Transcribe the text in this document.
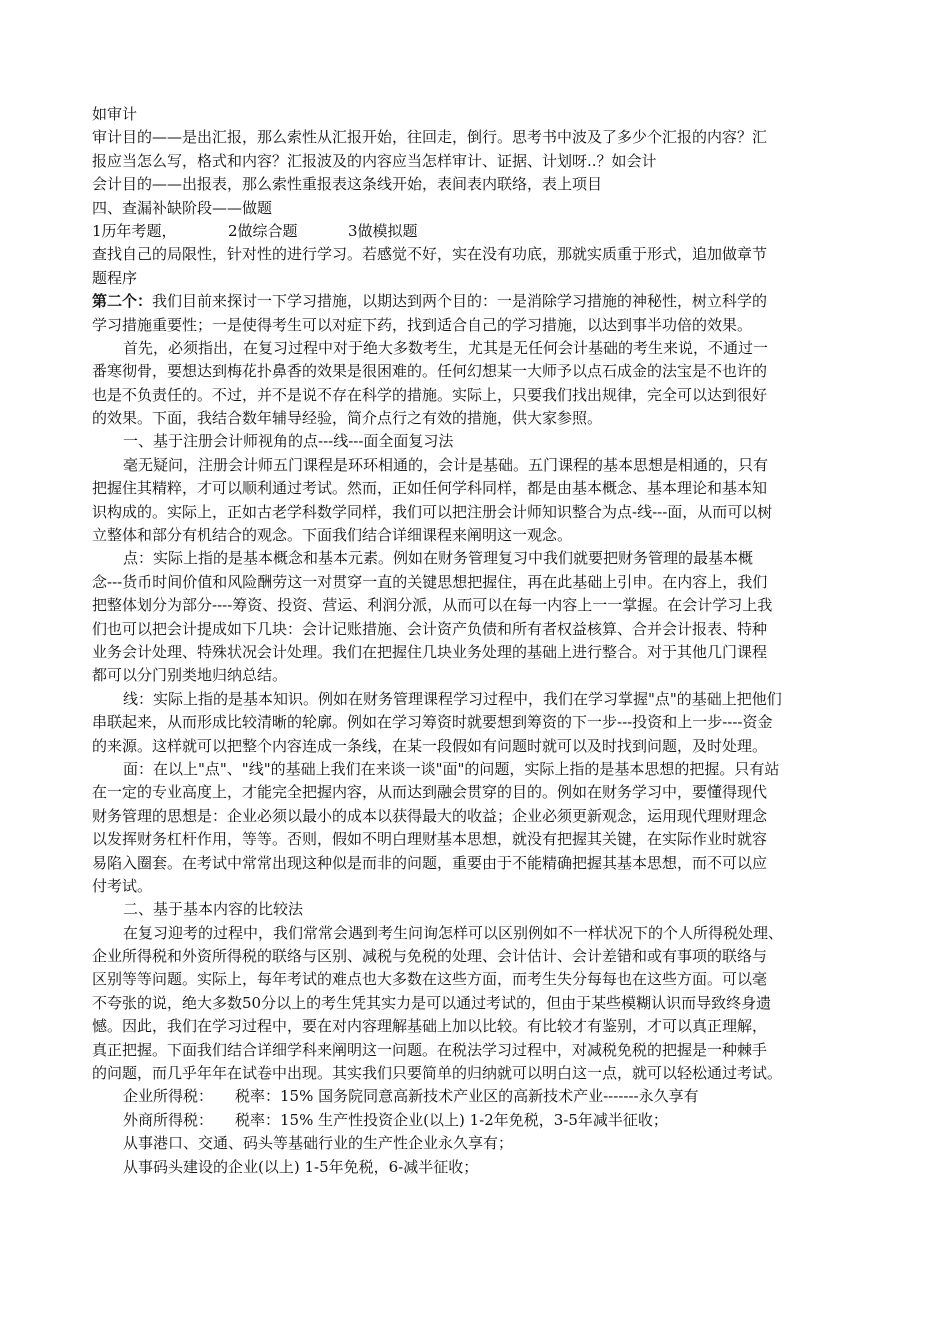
如审计
审计目的——是出汇报，那么索性从汇报开始，往回走，倒行。思考书中波及了多少个汇报的内容？汇
报应当怎么写，格式和内容？汇报波及的内容应当怎样审计、证据、计划呀..？如会计
会计目的——出报表，那么索性重报表这条线开始，表间表内联络，表上项目
四、查漏补缺阶段——做题
1历年考题，	2做综合题	3做模拟题
查找自己的局限性，针对性的进行学习。若感觉不好，实在没有功底，那就实质重于形式，追加做章节
题程序
第二个：我们目前来探讨一下学习措施，以期达到两个目的：一是消除学习措施的神秘性，树立科学的
学习措施重要性；一是使得考生可以对症下药，找到适合自己的学习措施，以达到事半功倍的效果。
首先，必须指出，在复习过程中对于绝大多数考生，尤其是无任何会计基础的考生来说，不通过一
番寒彻骨，要想达到梅花扑鼻香的效果是很困难的。任何幻想某一大师予以点石成金的法宝是不也许的
也是不负责任的。不过，并不是说不存在科学的措施。实际上，只要我们找出规律，完全可以达到很好
的效果。下面，我结合数年辅导经验，简介点行之有效的措施，供大家参照。
一、基于注册会计师视角的点---线---面全面复习法
毫无疑问，注册会计师五门课程是环环相通的，会计是基础。五门课程的基本思想是相通的，只有
把握住其精粹，才可以顺利通过考试。然而，正如任何学科同样，都是由基本概念、基本理论和基本知
识构成的。实际上，正如古老学科数学同样，我们可以把注册会计师知识整合为点-线---面，从而可以树
立整体和部分有机结合的观念。下面我们结合详细课程来阐明这一观念。
点：实际上指的是基本概念和基本元素。例如在财务管理复习中我们就要把财务管理的最基本概
念---货币时间价值和风险酬劳这一对贯穿一直的关键思想把握住，再在此基础上引申。在内容上，我们
把整体划分为部分----筹资、投资、营运、利润分派，从而可以在每一内容上一一掌握。在会计学习上我
们也可以把会计提成如下几块：会计记账措施、会计资产负债和所有者权益核算、合并会计报表、特种
业务会计处理、特殊状况会计处理。我们在把握住几块业务处理的基础上进行整合。对于其他几门课程
都可以分门别类地归纳总结。
线：实际上指的是基本知识。例如在财务管理课程学习过程中，我们在学习掌握"点"的基础上把他们
串联起来，从而形成比较清晰的轮廓。例如在学习筹资时就要想到筹资的下一步---投资和上一步----资金
的来源。这样就可以把整个内容连成一条线，在某一段假如有问题时就可以及时找到问题，及时处理。
面：在以上"点"、"线"的基础上我们在来谈一谈"面"的问题，实际上指的是基本思想的把握。只有站
在一定的专业高度上，才能完全把握内容，从而达到融会贯穿的目的。例如在财务学习中，要懂得现代
财务管理的思想是：企业必须以最小的成本以获得最大的收益；企业必须更新观念，运用现代理财理念
以发挥财务杠杆作用，等等。否则，假如不明白理财基本思想，就没有把握其关键，在实际作业时就容
易陷入圈套。在考试中常常出现这种似是而非的问题，重要由于不能精确把握其基本思想，而不可以应
付考试。
二、基于基本内容的比较法
在复习迎考的过程中，我们常常会遇到考生问询怎样可以区别例如不一样状况下的个人所得税处理、
企业所得税和外资所得税的联络与区别、减税与免税的处理、会计估计、会计差错和或有事项的联络与
区别等等问题。实际上，每年考试的难点也大多数在这些方面，而考生失分每每也在这些方面。可以毫
不夸张的说，绝大多数50分以上的考生凭其实力是可以通过考试的，但由于某些模糊认识而导致终身遗
憾。因此，我们在学习过程中，要在对内容理解基础上加以比较。有比较才有鉴别，才可以真正理解，
真正把握。下面我们结合详细学科来阐明这一问题。在税法学习过程中，对减税免税的把握是一种棘手
的问题，而几乎年年在试卷中出现。其实我们只要简单的归纳就可以明白这一点，就可以轻松通过考试。
企业所得税： 税率：15% 国务院同意高新技术产业区的高新技术产业-------永久享有
外商所得税： 税率：15% 生产性投资企业(以上) 1-2年免税，3-5年减半征收；
从事港口、交通、码头等基础行业的生产性企业永久享有；
从事码头建设的企业(以上) 1-5年免税，6-减半征收；
